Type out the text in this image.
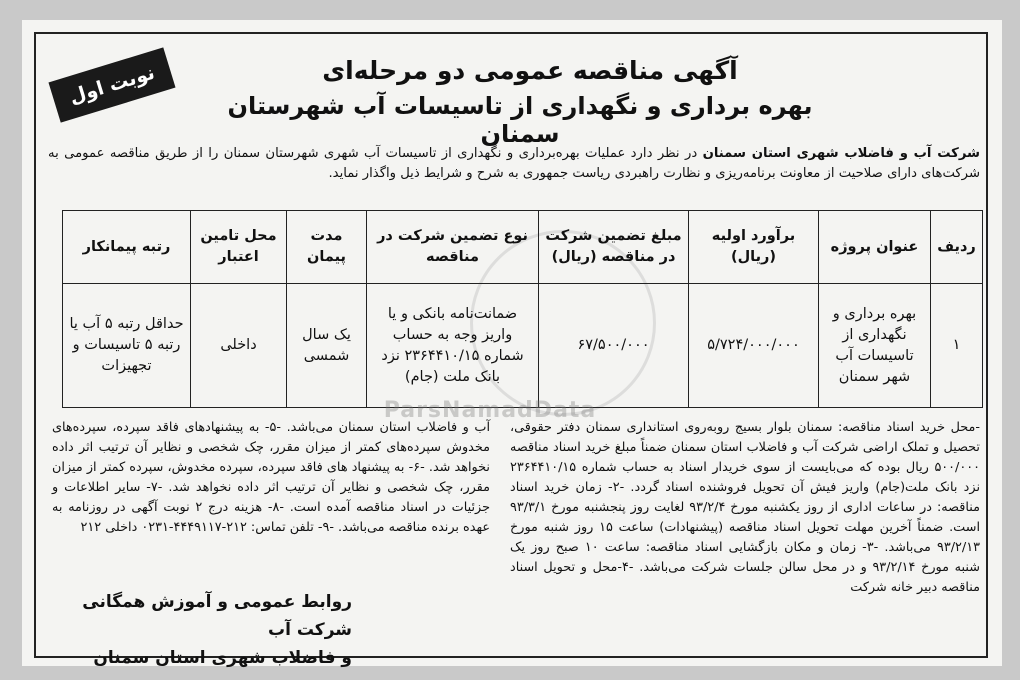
نوبت اول	آگهی مناقصه عمومی دو مرحله‌ای
بهره برداری و نگهداری از تاسیسات آب شهرستان سمنان
شرکت آب و فاضلاب شهری استان سمنان در نظر دارد عملیات بهره‌برداری و نگهداری از تاسیسات آب شهری شهرستان سمنان را از طریق مناقصه عمومی به شرکت‌های دارای صلاحیت از معاونت برنامه‌ریزی و نظارت راهبردی ریاست جمهوری به شرح و شرایط ذیل واگذار نماید.
ردیف	عنوان پروژه	برآورد اولیه (ریال)	مبلغ تضمین شرکت در مناقصه (ریال)	نوع تضمین شرکت در مناقصه	مدت پیمان	محل تامین اعتبار	رتبه پیمانکار
۱	بهره برداری و نگهداری از تاسیسات آب شهر سمنان	۵/۷۲۴/۰۰۰/۰۰۰	۶۷/۵۰۰/۰۰۰	ضمانت‌نامه بانکی و یا واریز وجه به حساب شماره ۲۳۶۴۴۱۰/۱۵ نزد بانک ملت (جام)	یک سال شمسی	داخلی	حداقل رتبه ۵ آب یا رتبه ۵ تاسیسات و تجهیزات
ParsNamadData
-محل خرید اسناد مناقصه: سمنان بلوار بسیج روبه‌روی استانداری سمنان دفتر حقوقی، تحصیل و تملک اراضی شرکت آب و فاضلاب استان سمنان ضمناً مبلغ خرید اسناد مناقصه ۵۰۰/۰۰۰ ریال بوده که می‌بایست از سوی خریدار اسناد به حساب شماره ۲۳۶۴۴۱۰/۱۵ نزد بانک ملت(جام) واریز فیش آن تحویل فروشنده اسناد گردد. -۲- زمان خرید اسناد مناقصه: در ساعات اداری از روز یکشنبه مورخ ۹۳/۲/۴ لغایت روز پنجشنبه مورخ ۹۳/۳/۱ است. ضمناً آخرین مهلت تحویل اسناد مناقصه (پیشنهادات) ساعت ۱۵ روز شنبه مورخ ۹۳/۲/۱۳ می‌باشد. -۳- زمان و مکان بازگشایی اسناد مناقصه: ساعت ۱۰ صبح روز یک شنبه مورخ ۹۳/۲/۱۴ و در محل سالن جلسات شرکت می‌باشد. -۴-محل و تحویل اسناد مناقصه دبیر خانه شرکت
آب و فاضلاب استان سمنان می‌باشد. -۵- به پیشنهادهای فاقد سپرده، سپرده‌های مخدوش سپرده‌های کمتر از میزان مقرر، چک شخصی و نظایر آن ترتیب اثر داده نخواهد شد. -۶- به پیشنهاد های فاقد سپرده، سپرده مخدوش، سپرده کمتر از میزان مقرر، چک شخصی و نظایر آن ترتیب اثر داده نخواهد شد. -۷- سایر اطلاعات و جزئیات در اسناد مناقصه آمده است. -۸- هزینه درج ۲ نوبت آگهی در روزنامه به عهده برنده مناقصه می‌باشد. -۹- تلفن تماس: ۲۱۲-۴۴۴۹۱۱۷-۰۲۳۱ داخلی ۲۱۲
روابط عمومی و آموزش همگانی شرکت آب
و فاضلاب شهری استان سمنان
